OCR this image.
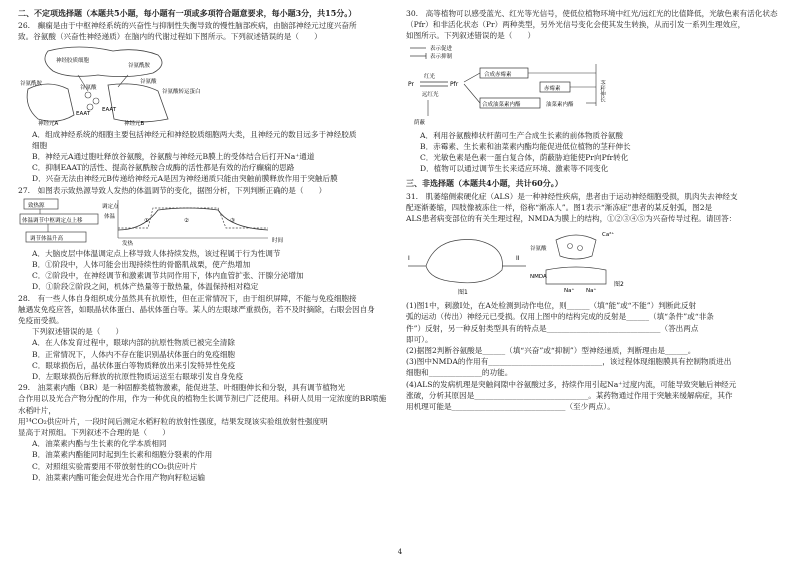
二、不定项选择题（本题共5小题，每小题有一项或多项符合题意要求，每小题3分，共15分。）

26.　癫痫是由于中枢神经系统的兴奋性与抑制性失衡导致的慢性脑部疾病，由脑部神经元过度兴奋所

致。谷氨酸（兴奋性神经递质）在脑内的代谢过程如下图所示。下列叙述错误的是（　　）

神经胶质细胞
谷氨酰胺
谷氨酸
谷氨酰胺
谷氨酸
EAAT
EAAT
神经元A	神经元B
谷氨酸转运蛋白

A．组成神经系统的细胞主要包括神经元和神经胶质细胞两大类，且神经元的数目远多于神经胶质

细胞

B．神经元A通过胞吐释放谷氨酸，谷氨酸与神经元B膜上的受体结合后打开Na⁺通道

C．抑制EAAT的活性、提高谷氨酰胺合成酶的活性都是有效的治疗癫痫的思路

D．兴奋无法由神经元B传递给神经元A是因为神经递质只能由突触前膜释放作用于突触后膜

27.　如图表示致热源导致人发热的体温调节的变化，据图分析，下列判断正确的是（　　）

致热源
体温调节中枢调定点上移
调节体温升高
调定点
体温
发热	时间
①	②	③

A．大脑皮层中体温调定点上移导致人体持续发热，该过程属于行为性调节

B．①阶段中，人体可能会出现持续性的骨骼肌战栗，使产热增加

C．②阶段中，在神经调节和激素调节共同作用下，体内血管扩张、汗腺分泌增加

D．①阶段②阶段之间，机体产热量等于散热量，体温保持相对稳定

28.　有一些人体自身组织成分虽然具有抗原性，但在正常情况下，由于组织屏障，不能与免疫细胞接

触遇发免疫应答，如眼晶状体蛋白、晶状体蛋白等。某人的左眼球严重损伤，若不及时摘除，右眼会因自身

免疫而受损。

下列叙述错误的是（　　）

A．在人体发育过程中，眼球内部的抗原性物质已被完全清除

B．正常情况下，人体内不存在能识别晶状体蛋白的免疫细胞

C．眼球损伤后，晶状体蛋白等物质释放出来引发特异性免疫

D．左眼球损伤后释放的抗原性物质运送至右眼球引发自身免疫

29.　油菜素内酯（BR）是一种固醇类植物激素，能促进茎、叶细胞伸长和分裂，具有调节植物光

合作用以及光合产物分配的作用，作为一种优良的植物生长调节剂已广泛使用。科研人员用一定浓度的BR喷施水稻叶片，

用¹⁴CO₂供应叶片，一段时间后测定水稻籽粒的放射性强度，结果发现该实验组放射性强度明

显高于对照组。下列叙述不合理的是（　　）

A．油菜素内酯与生长素的化学本质相同

B．油菜素内酯能同时起到生长素和细胞分裂素的作用

C．对照组实验需要用不带放射性的CO₂供应叶片

D．油菜素内酯可能会促进光合作用产物向籽粒运输

30.　高等植物可以感受蓝光、红光等光信号，使低位植物环境中红光/远红光的比值降低，光敏色素有活化状态

（Pfr）和非活化状态（Pr）两种类型，另外光信号变化会使其发生转换，从而引发一系列生理效应，

如图所示。下列叙述错误的是（　　）

表示促进
表示抑制
Pr	Pfr
红光
远红光
合成赤霉素
赤霉素
合成油菜素内酯	油菜素内酯
茎秆伸长
荫蔽

A．利用谷氨酸棒状杆菌可生产合成生长素的前体物质谷氨酸

B．赤霉素、生长素和油菜素内酯均能促进低位植物的茎秆伸长

C．光敏色素是色素一蛋白复合体，荫蔽胁迫能使Pr向Pfr转化

D．植物可以通过调节生长来适应环境、激素等不同变化

三、非选择题（本题共4小题，共计60分。）

31.　肌萎缩侧索硬化症（ALS）是一种神经性疾病，患者由于运动神经细胞受损，肌肉失去神经支

配逐渐萎缩，四肢像被冻住一样，俗称“渐冻人”。图1表示“渐冻症”患者的某反射弧，图2是

ALS患者病变部位的有关生理过程，NMDA为膜上的结构，①②③④⑤为兴奋传导过程。请回答：

I	II
图1
谷氨酸
NMDA
Na⁺ Na⁺
Ca²⁺
图2

(1)图1中，刺激Ⅰ处，在A处检测到动作电位，则______（填“能”或“不能”）判断此反射

弧的运动（传出）神经元已受损。仅用上图中的结构完成的反射是______（填“条件”或“非条

件”）反射，另一种反射类型具有的特点是______________________________（答出两点

即可）。

(2)据图2判断谷氨酸是______（填“兴奋”或“抑制”）型神经递质，判断理由是______。

(3)图中NMDA的作用有______________________________，该过程体现细胞膜具有控制物质进出

细胞和______________的功能。

(4)ALS的发病机理是突触间隙中谷氨酸过多，持续作用引起Na⁺过度内流，可能导致突触后神经元

涨破，分析其原因是______________________________。某药物通过作用于突触来缓解病症，其作

用机理可能是______________________________（至少两点）。

4
